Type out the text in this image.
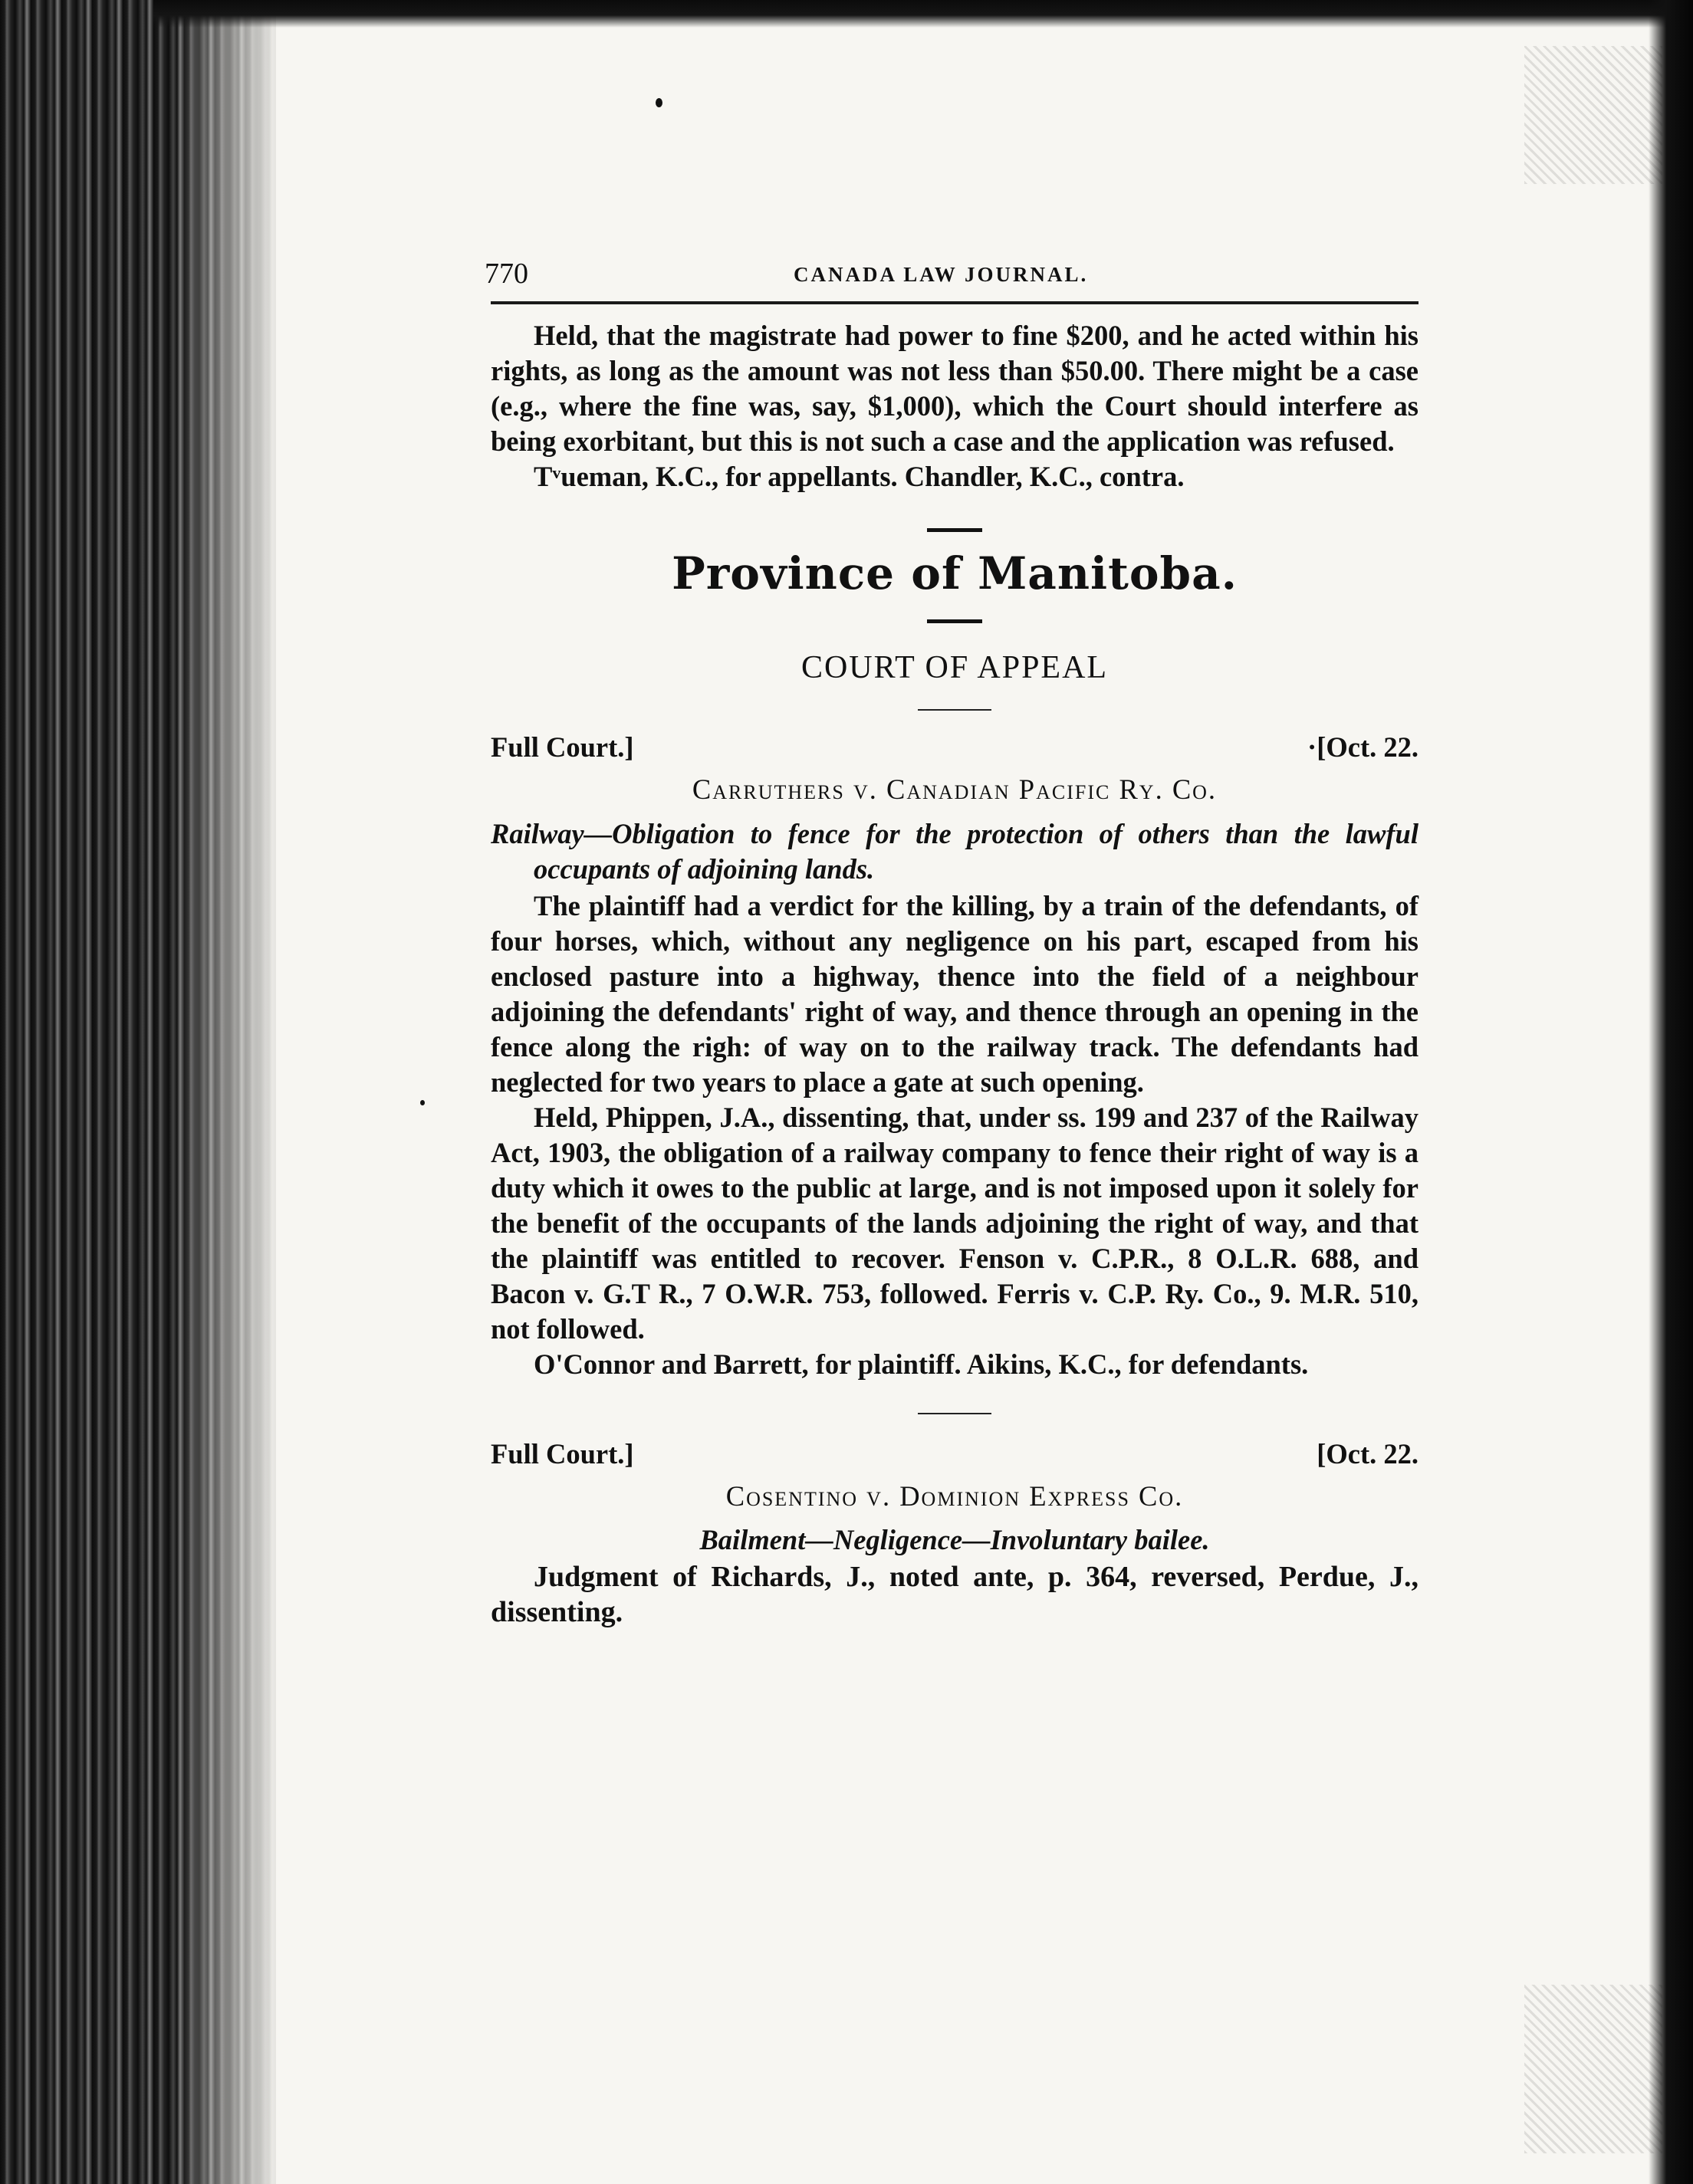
770	CANADA LAW JOURNAL.

Held, that the magistrate had power to fine $200, and he acted within his rights, as long as the amount was not less than $50.00. There might be a case (e.g., where the fine was, say, $1,000), which the Court should interfere as being exorbitant, but this is not such a case and the application was refused.

Tᵛueman, K.C., for appellants. Chandler, K.C., contra.

Province of Manitoba.
COURT OF APPEAL
Full Court.]	·[Oct. 22.
Carruthers v. Canadian Pacific Ry. Co.
Railway—Obligation to fence for the protection of others than the lawful occupants of adjoining lands.

The plaintiff had a verdict for the killing, by a train of the defendants, of four horses, which, without any negligence on his part, escaped from his enclosed pasture into a highway, thence into the field of a neighbour adjoining the defendants' right of way, and thence through an opening in the fence along the righ: of way on to the railway track. The defendants had neglected for two years to place a gate at such opening.

Held, Phippen, J.A., dissenting, that, under ss. 199 and 237 of the Railway Act, 1903, the obligation of a railway company to fence their right of way is a duty which it owes to the public at large, and is not imposed upon it solely for the benefit of the occupants of the lands adjoining the right of way, and that the plaintiff was entitled to recover. Fenson v. C.P.R., 8 O.L.R. 688, and Bacon v. G.T R., 7 O.W.R. 753, followed. Ferris v. C.P. Ry. Co., 9. M.R. 510, not followed.

O'Connor and Barrett, for plaintiff. Aikins, K.C., for defendants.

Full Court.]	[Oct. 22.
Cosentino v. Dominion Express Co.
Bailment—Negligence—Involuntary bailee.

Judgment of Richards, J., noted ante, p. 364, reversed, Perdue, J., dissenting.
